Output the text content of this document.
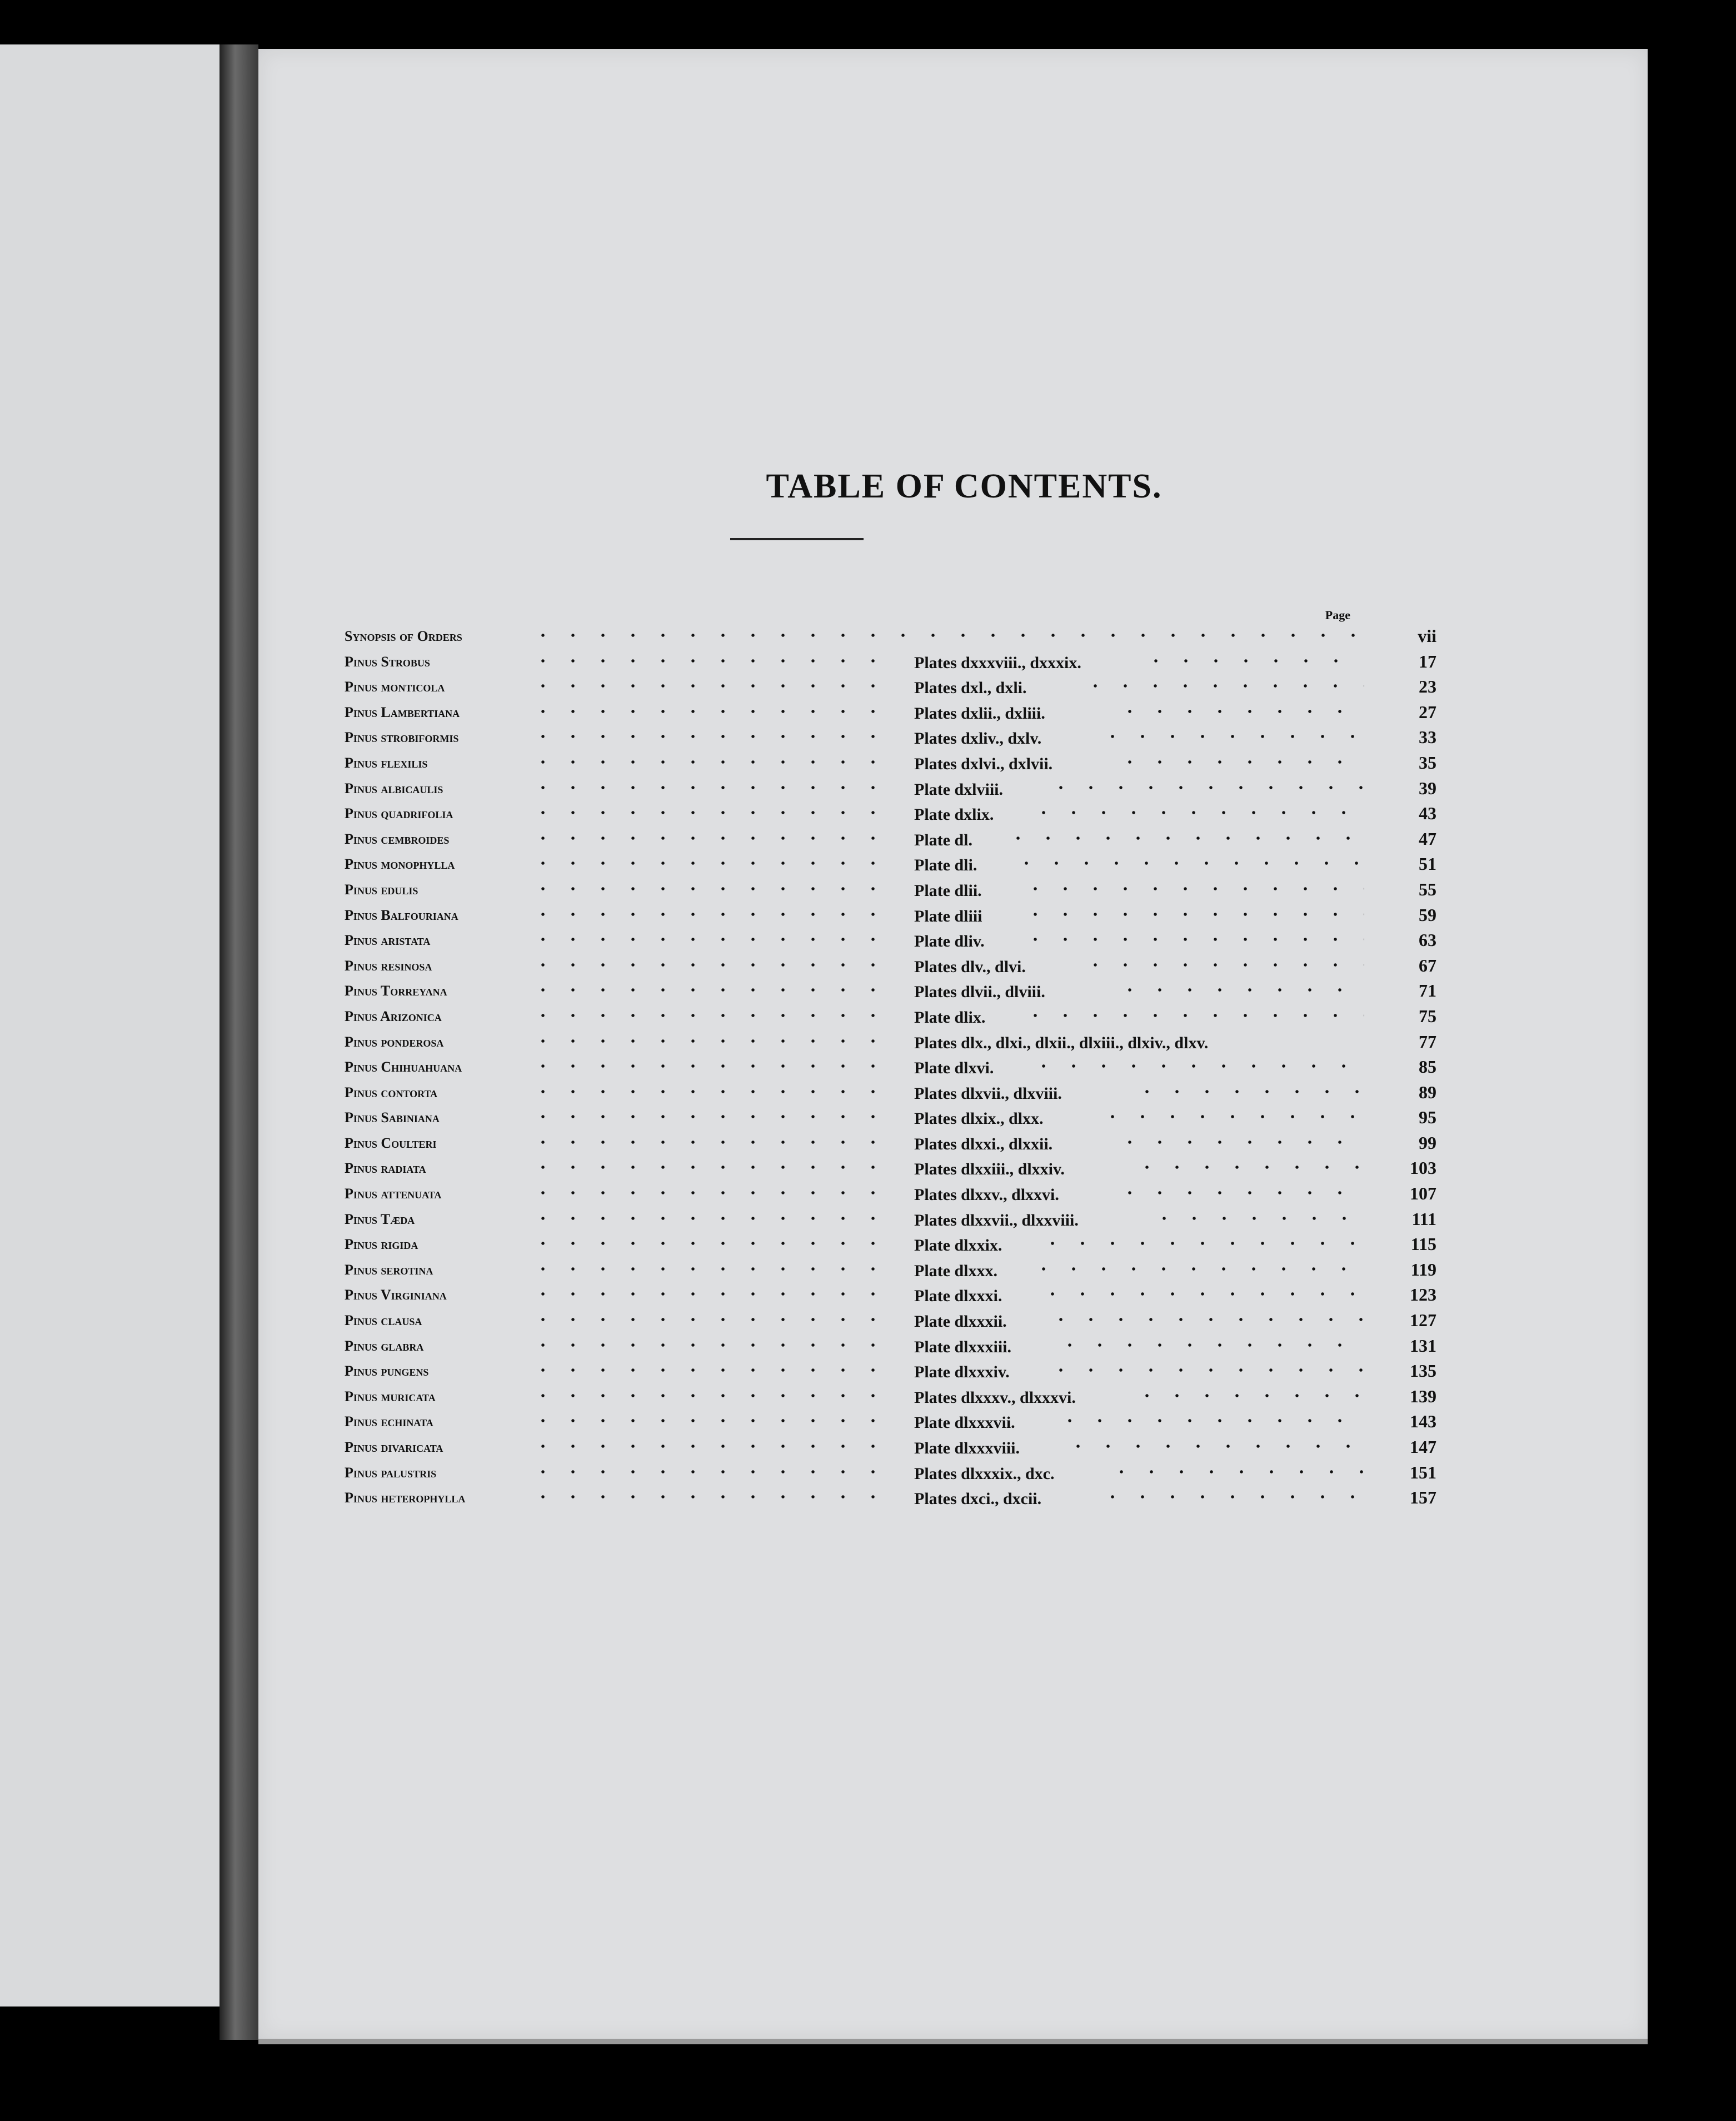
TABLE OF CONTENTS.
Page
Synopsis of Orders	vii
Pinus Strobus	Plates dxxxviii., dxxxix.	17
Pinus monticola	Plates dxl., dxli.	23
Pinus Lambertiana	Plates dxlii., dxliii.	27
Pinus strobiformis	Plates dxliv., dxlv.	33
Pinus flexilis	Plates dxlvi., dxlvii.	35
Pinus albicaulis	Plate dxlviii.	39
Pinus quadrifolia	Plate dxlix.	43
Pinus cembroides	Plate dl.	47
Pinus monophylla	Plate dli.	51
Pinus edulis	Plate dlii.	55
Pinus Balfouriana	Plate dliii	59
Pinus aristata	Plate dliv.	63
Pinus resinosa	Plates dlv., dlvi.	67
Pinus Torreyana	Plates dlvii., dlviii.	71
Pinus Arizonica	Plate dlix.	75
Pinus ponderosa	Plates dlx., dlxi., dlxii., dlxiii., dlxiv., dlxv.	77
Pinus Chihuahuana	Plate dlxvi.	85
Pinus contorta	Plates dlxvii., dlxviii.	89
Pinus Sabiniana	Plates dlxix., dlxx.	95
Pinus Coulteri	Plates dlxxi., dlxxii.	99
Pinus radiata	Plates dlxxiii., dlxxiv.	103
Pinus attenuata	Plates dlxxv., dlxxvi.	107
Pinus Tæda	Plates dlxxvii., dlxxviii.	111
Pinus rigida	Plate dlxxix.	115
Pinus serotina	Plate dlxxx.	119
Pinus Virginiana	Plate dlxxxi.	123
Pinus clausa	Plate dlxxxii.	127
Pinus glabra	Plate dlxxxiii.	131
Pinus pungens	Plate dlxxxiv.	135
Pinus muricata	Plates dlxxxv., dlxxxvi.	139
Pinus echinata	Plate dlxxxvii.	143
Pinus divaricata	Plate dlxxxviii.	147
Pinus palustris	Plates dlxxxix., dxc.	151
Pinus heterophylla	Plates dxci., dxcii.	157
